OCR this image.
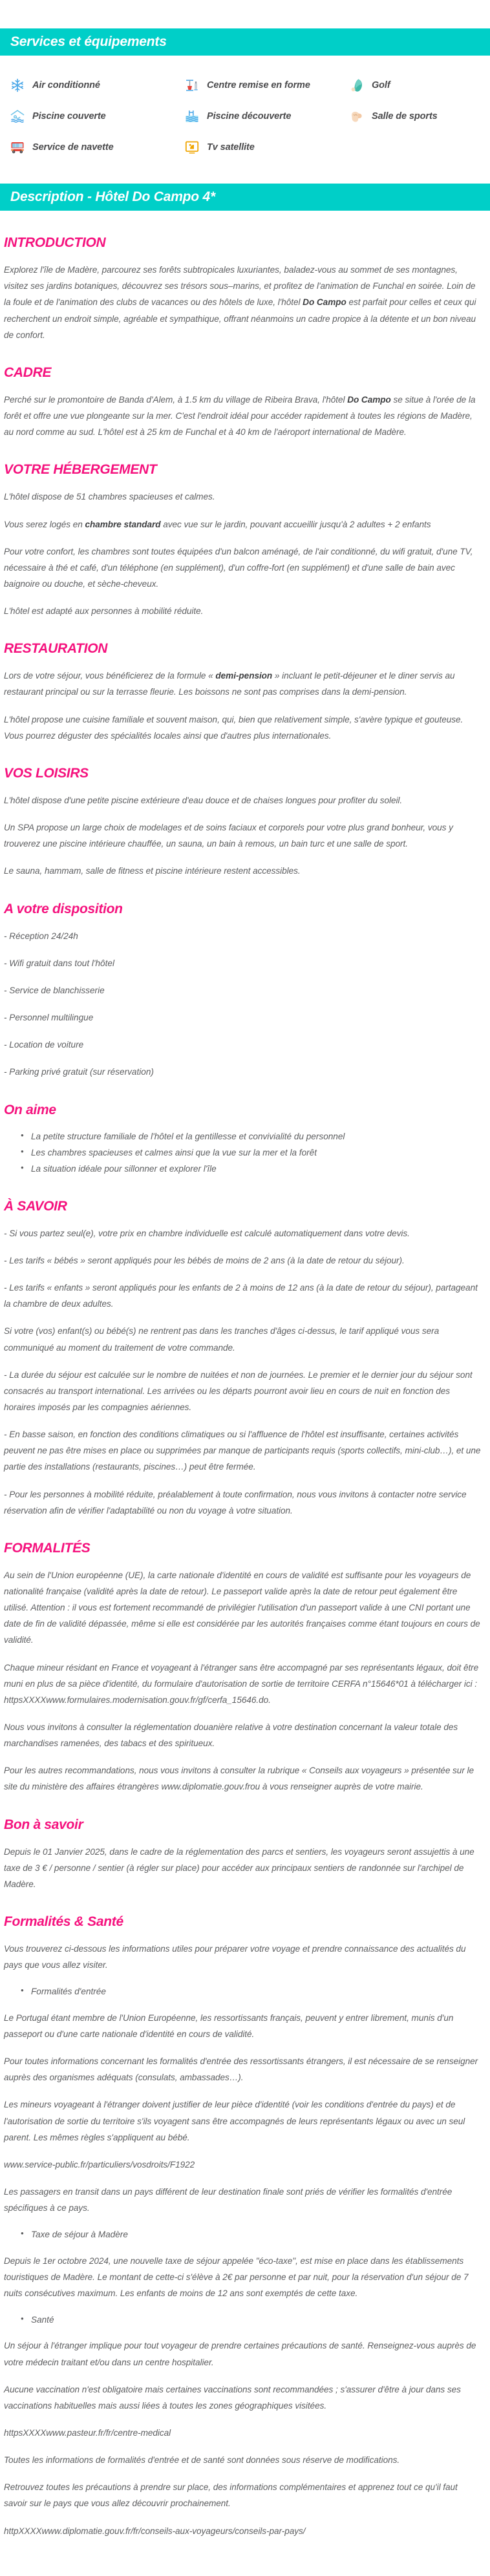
Services et équipements
Air conditionné	Centre remise en forme	Golf
Piscine couverte	Piscine découverte	Salle de sports
Service de navette	Tv satellite
Description - Hôtel Do Campo 4*
INTRODUCTION

Explorez l'île de Madère, parcourez ses forêts subtropicales luxuriantes, baladez-vous au sommet de ses montagnes, visitez ses jardins botaniques, découvrez ses trésors sous–marins, et profitez de l'animation de Funchal en soirée. Loin de la foule et de l'animation des clubs de vacances ou des hôtels de luxe, l'hôtel Do Campo est parfait pour celles et ceux qui recherchent un endroit simple, agréable et sympathique, offrant néanmoins un cadre propice à la détente et un bon niveau de confort.

CADRE

Perché sur le promontoire de Banda d'Alem, à 1.5 km du village de Ribeira Brava, l'hôtel Do Campo se situe à l'orée de la forêt et offre une vue plongeante sur la mer. C'est l'endroit idéal pour accéder rapidement à toutes les régions de Madère, au nord comme au sud. L'hôtel est à 25 km de Funchal et à 40 km de l'aéroport international de Madère.

VOTRE HÉBERGEMENT

L'hôtel dispose de 51 chambres spacieuses et calmes.

Vous serez logés en chambre standard avec vue sur le jardin, pouvant accueillir jusqu'à 2 adultes + 2 enfants

Pour votre confort, les chambres sont toutes équipées d'un balcon aménagé, de l'air conditionné, du wifi gratuit, d'une TV, nécessaire à thé et café, d'un téléphone (en supplément), d'un coffre-fort (en supplément) et d'une salle de bain avec baignoire ou douche, et sèche-cheveux.

L'hôtel est adapté aux personnes à mobilité réduite.

RESTAURATION

Lors de votre séjour, vous bénéficierez de la formule « demi-pension » incluant le petit-déjeuner et le diner servis au restaurant principal ou sur la terrasse fleurie. Les boissons ne sont pas comprises dans la demi-pension.

L'hôtel propose une cuisine familiale et souvent maison, qui, bien que relativement simple, s'avère typique et gouteuse. Vous pourrez déguster des spécialités locales ainsi que d'autres plus internationales.

VOS LOISIRS

L'hôtel dispose d'une petite piscine extérieure d'eau douce et de chaises longues pour profiter du soleil.

Un SPA propose un large choix de modelages et de soins faciaux et corporels pour votre plus grand bonheur, vous y trouverez une piscine intérieure chauffée, un sauna, un bain à remous, un bain turc et une salle de sport.

Le sauna, hammam, salle de fitness et piscine intérieure restent accessibles.

A votre disposition
- Réception 24/24h
- Wifi gratuit dans tout l'hôtel
- Service de blanchisserie
- Personnel multilingue
- Location de voiture
- Parking privé gratuit (sur réservation)
On aime
• La petite structure familiale de l'hôtel et la gentillesse et convivialité du personnel
• Les chambres spacieuses et calmes ainsi que la vue sur la mer et la forêt
• La situation idéale pour sillonner et explorer l'île
À SAVOIR

- Si vous partez seul(e), votre prix en chambre individuelle est calculé automatiquement dans votre devis.

- Les tarifs « bébés » seront appliqués pour les bébés de moins de 2 ans (à la date de retour du séjour).

- Les tarifs « enfants » seront appliqués pour les enfants de 2 à moins de 12 ans (à la date de retour du séjour), partageant la chambre de deux adultes.

Si votre (vos) enfant(s) ou bébé(s) ne rentrent pas dans les tranches d'âges ci-dessus, le tarif appliqué vous sera communiqué au moment du traitement de votre commande.

- La durée du séjour est calculée sur le nombre de nuitées et non de journées. Le premier et le dernier jour du séjour sont consacrés au transport international. Les arrivées ou les départs pourront avoir lieu en cours de nuit en fonction des horaires imposés par les compagnies aériennes.

- En basse saison, en fonction des conditions climatiques ou si l'affluence de l'hôtel est insuffisante, certaines activités peuvent ne pas être mises en place ou supprimées par manque de participants requis (sports collectifs, mini-club…), et une partie des installations (restaurants, piscines…) peut être fermée.

- Pour les personnes à mobilité réduite, préalablement à toute confirmation, nous vous invitons à contacter notre service réservation afin de vérifier l'adaptabilité ou non du voyage à votre situation.

FORMALITÉS

Au sein de l'Union européenne (UE), la carte nationale d'identité en cours de validité est suffisante pour les voyageurs de nationalité française (validité après la date de retour). Le passeport valide après la date de retour peut également être utilisé. Attention : il vous est fortement recommandé de privilégier l'utilisation d'un passeport valide à une CNI portant une date de fin de validité dépassée, même si elle est considérée par les autorités françaises comme étant toujours en cours de validité.

Chaque mineur résidant en France et voyageant à l'étranger sans être accompagné par ses représentants légaux, doit être muni en plus de sa pièce d'identité, du formulaire d'autorisation de sortie de territoire CERFA n°15646*01 à télécharger ici : httpsXXXXwww.formulaires.modernisation.gouv.fr/gf/cerfa_15646.do.

Nous vous invitons à consulter la réglementation douanière relative à votre destination concernant la valeur totale des marchandises ramenées, des tabacs et des spiritueux.

Pour les autres recommandations, nous vous invitons à consulter la rubrique « Conseils aux voyageurs » présentée sur le site du ministère des affaires étrangères www.diplomatie.gouv.frou à vous renseigner auprès de votre mairie.

Bon à savoir

Depuis le 01 Janvier 2025, dans le cadre de la réglementation des parcs et sentiers, les voyageurs seront assujettis à une taxe de 3 € / personne / sentier (à régler sur place) pour accéder aux principaux sentiers de randonnée sur l'archipel de Madère.

Formalités & Santé

Vous trouverez ci-dessous les informations utiles pour préparer votre voyage et prendre connaissance des actualités du pays que vous allez visiter.

• Formalités d'entrée

Le Portugal étant membre de l'Union Européenne, les ressortissants français, peuvent y entrer librement, munis d'un passeport ou d'une carte nationale d'identité en cours de validité.

Pour toutes informations concernant les formalités d'entrée des ressortissants étrangers, il est nécessaire de se renseigner auprès des organismes adéquats (consulats, ambassades…).

Les mineurs voyageant à l'étranger doivent justifier de leur pièce d'identité (voir les conditions d'entrée du pays) et de l'autorisation de sortie du territoire s'ils voyagent sans être accompagnés de leurs représentants légaux ou avec un seul parent. Les mêmes règles s'appliquent au bébé.

www.service-public.fr/particuliers/vosdroits/F1922

Les passagers en transit dans un pays différent de leur destination finale sont priés de vérifier les formalités d'entrée spécifiques à ce pays.

• Taxe de séjour à Madère

Depuis le 1er octobre 2024, une nouvelle taxe de séjour appelée "éco-taxe", est mise en place dans les établissements touristiques de Madère. Le montant de cette-ci s'élève à 2€ par personne et par nuit, pour la réservation d'un séjour de 7 nuits consécutives maximum. Les enfants de moins de 12 ans sont exemptés de cette taxe.

• Santé

Un séjour à l'étranger implique pour tout voyageur de prendre certaines précautions de santé. Renseignez-vous auprès de votre médecin traitant et/ou dans un centre hospitalier.

Aucune vaccination n'est obligatoire mais certaines vaccinations sont recommandées ; s'assurer d'être à jour dans ses vaccinations habituelles mais aussi liées à toutes les zones géographiques visitées.

httpsXXXXwww.pasteur.fr/fr/centre-medical

Toutes les informations de formalités d'entrée et de santé sont données sous réserve de modifications.

Retrouvez toutes les précautions à prendre sur place, des informations complémentaires et apprenez tout ce qu'il faut savoir sur le pays que vous allez découvrir prochainement.

httpXXXXwww.diplomatie.gouv.fr/fr/conseils-aux-voyageurs/conseils-par-pays/
